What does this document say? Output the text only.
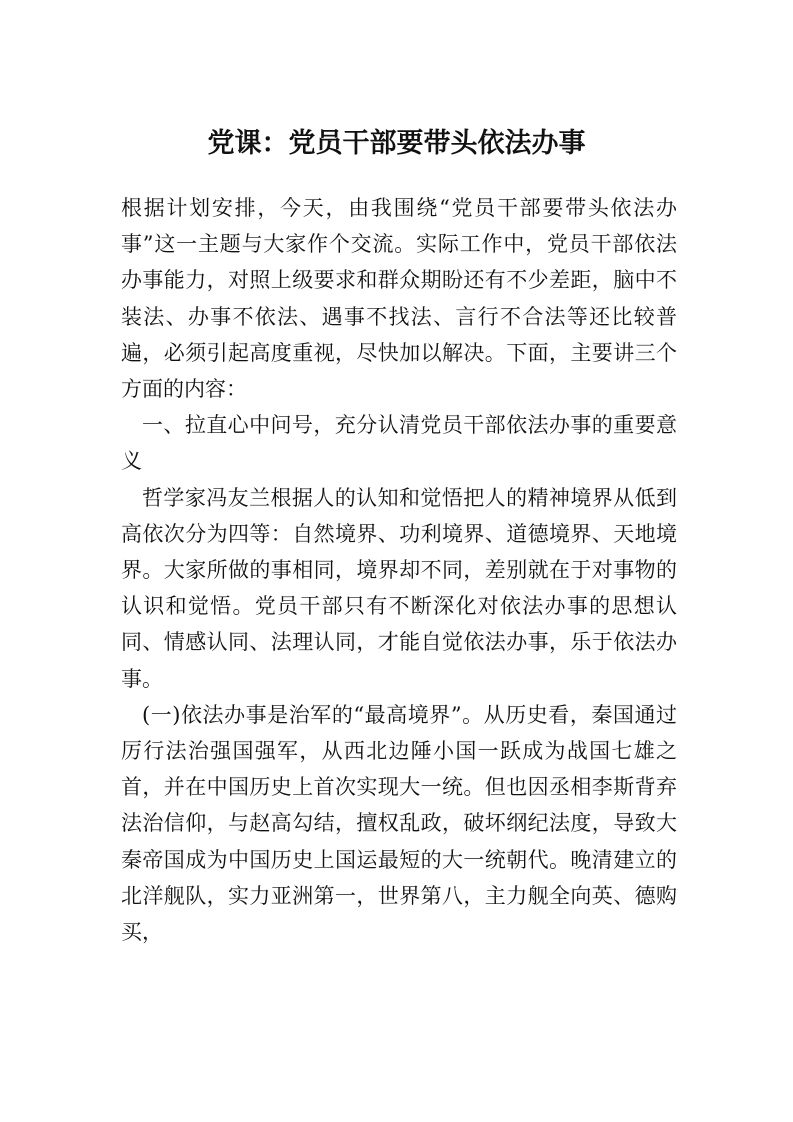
党课：党员干部要带头依法办事

根据计划安排，今天，由我围绕“党员干部要带头依法办事”这一主题与大家作个交流。实际工作中，党员干部依法办事能力，对照上级要求和群众期盼还有不少差距，脑中不装法、办事不依法、遇事不找法、言行不合法等还比较普遍，必须引起高度重视，尽快加以解决。下面，主要讲三个方面的内容：

一、拉直心中问号，充分认清党员干部依法办事的重要意义

哲学家冯友兰根据人的认知和觉悟把人的精神境界从低到高依次分为四等：自然境界、功利境界、道德境界、天地境界。大家所做的事相同，境界却不同，差别就在于对事物的认识和觉悟。党员干部只有不断深化对依法办事的思想认同、情感认同、法理认同，才能自觉依法办事，乐于依法办事。

(一)依法办事是治军的“最高境界”。从历史看，秦国通过厉行法治强国强军，从西北边陲小国一跃成为战国七雄之首，并在中国历史上首次实现大一统。但也因丞相李斯背弃法治信仰，与赵高勾结，擅权乱政，破坏纲纪法度，导致大秦帝国成为中国历史上国运最短的大一统朝代。晚清建立的北洋舰队，实力亚洲第一，世界第八，主力舰全向英、德购买，
